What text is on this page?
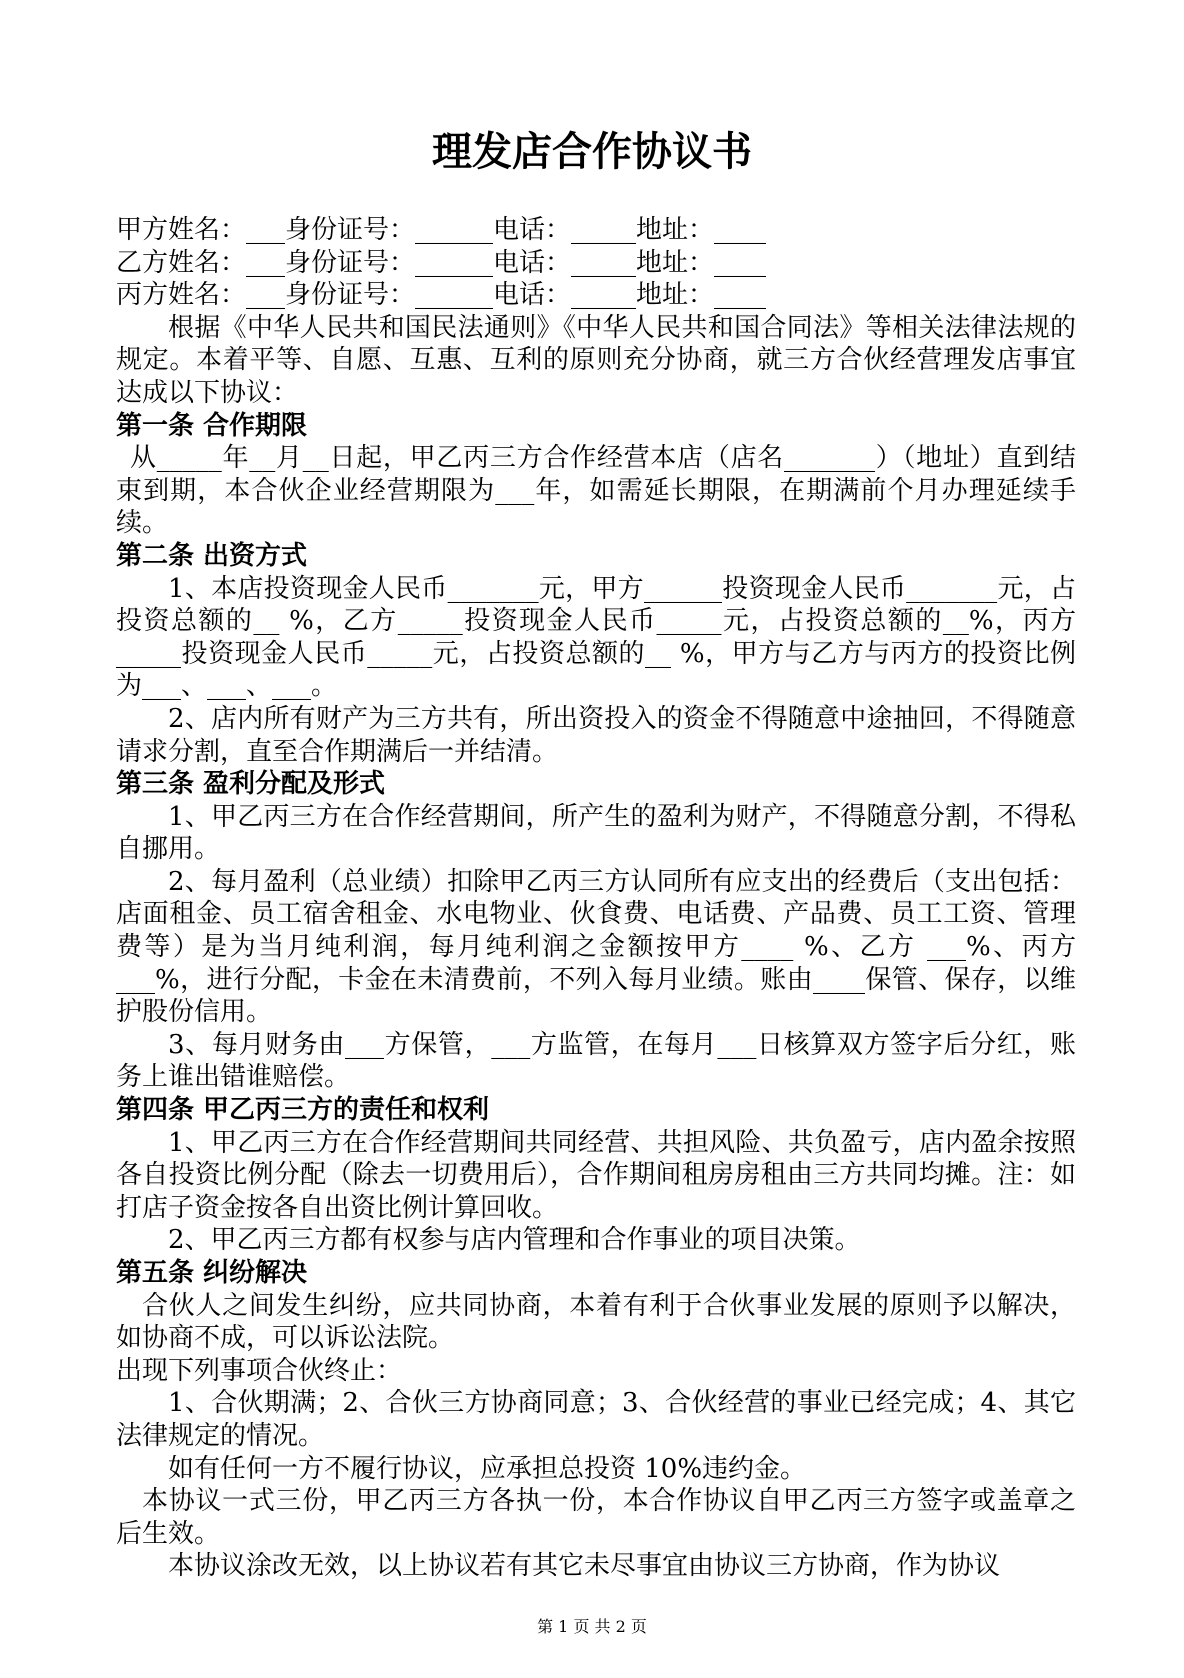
理发店合作协议书
甲方姓名：___身份证号：______电话：_____地址：____
乙方姓名：___身份证号：______电话：_____地址：____
丙方姓名：___身份证号：______电话：_____地址：____
根据《中华人民共和国民法通则》《中华人民共和国合同法》等相关法律法规的规定。本着平等、自愿、互惠、互利的原则充分协商，就三方合伙经营理发店事宜达成以下协议：
第一条 合作期限
从_____年__月__日起，甲乙丙三方合作经营本店（店名_______）（地址）直到结束到期，本合伙企业经营期限为___年，如需延长期限，在期满前个月办理延续手续。
第二条 出资方式
1、本店投资现金人民币_______元，甲方______投资现金人民币_______元，占投资总额的__ %，乙方_____投资现金人民币_____元，占投资总额的__%，丙方_____投资现金人民币_____元，占投资总额的__ %，甲方与乙方与丙方的投资比例为___、___、___。
2、店内所有财产为三方共有，所出资投入的资金不得随意中途抽回，不得随意请求分割，直至合作期满后一并结清。
第三条 盈利分配及形式
1、甲乙丙三方在合作经营期间，所产生的盈利为财产，不得随意分割，不得私自挪用。
2、每月盈利（总业绩）扣除甲乙丙三方认同所有应支出的经费后（支出包括：店面租金、员工宿舍租金、水电物业、伙食费、电话费、产品费、员工工资、管理费等）是为当月纯利润，每月纯利润之金额按甲方____ %、乙方 ___%、丙方___%，进行分配，卡金在未清费前，不列入每月业绩。账由____保管、保存，以维护股份信用。
3、每月财务由___方保管，___方监管，在每月___日核算双方签字后分红，账务上谁出错谁赔偿。
第四条 甲乙丙三方的责任和权利
1、甲乙丙三方在合作经营期间共同经营、共担风险、共负盈亏，店内盈余按照各自投资比例分配（除去一切费用后），合作期间租房房租由三方共同均摊。注：如打店子资金按各自出资比例计算回收。
2、甲乙丙三方都有权参与店内管理和合作事业的项目决策。
第五条 纠纷解决
合伙人之间发生纠纷，应共同协商，本着有利于合伙事业发展的原则予以解决，如协商不成，可以诉讼法院。
出现下列事项合伙终止：
1、合伙期满；2、合伙三方协商同意；3、合伙经营的事业已经完成；4、其它法律规定的情况。
如有任何一方不履行协议，应承担总投资 10%违约金。
本协议一式三份，甲乙丙三方各执一份，本合作协议自甲乙丙三方签字或盖章之后生效。
本协议涂改无效，以上协议若有其它未尽事宜由协议三方协商，作为协议
第 1 页 共 2 页
